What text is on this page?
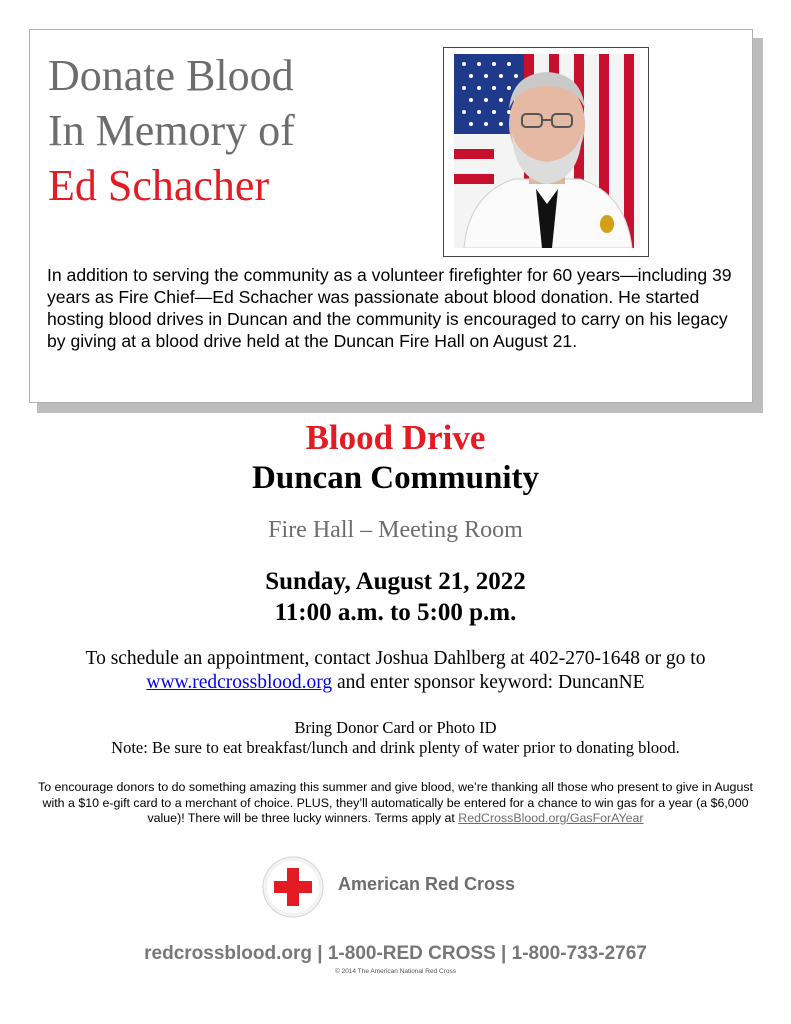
Donate Blood
In Memory of
Ed Schacher
In addition to serving the community as a volunteer firefighter for 60 years—including 39 years as Fire Chief—Ed Schacher was passionate about blood donation. He started hosting blood drives in Duncan and the community is encouraged to carry on his legacy by giving at a blood drive held at the Duncan Fire Hall on August 21.
Blood Drive
Duncan Community
Fire Hall – Meeting Room
Sunday, August 21, 2022
11:00 a.m. to 5:00 p.m.
To schedule an appointment, contact Joshua Dahlberg at 402-270-1648 or go to www.redcrossblood.org and enter sponsor keyword: DuncanNE
Bring Donor Card or Photo ID
Note: Be sure to eat breakfast/lunch and drink plenty of water prior to donating blood.
To encourage donors to do something amazing this summer and give blood, we’re thanking all those who present to give in August with a $10 e-gift card to a merchant of choice. PLUS, they’ll automatically be entered for a chance to win gas for a year (a $6,000 value)! There will be three lucky winners. Terms apply at RedCrossBlood.org/GasForAYear
American Red Cross
redcrossblood.org | 1-800-RED CROSS | 1-800-733-2767
© 2014 The American National Red Cross
